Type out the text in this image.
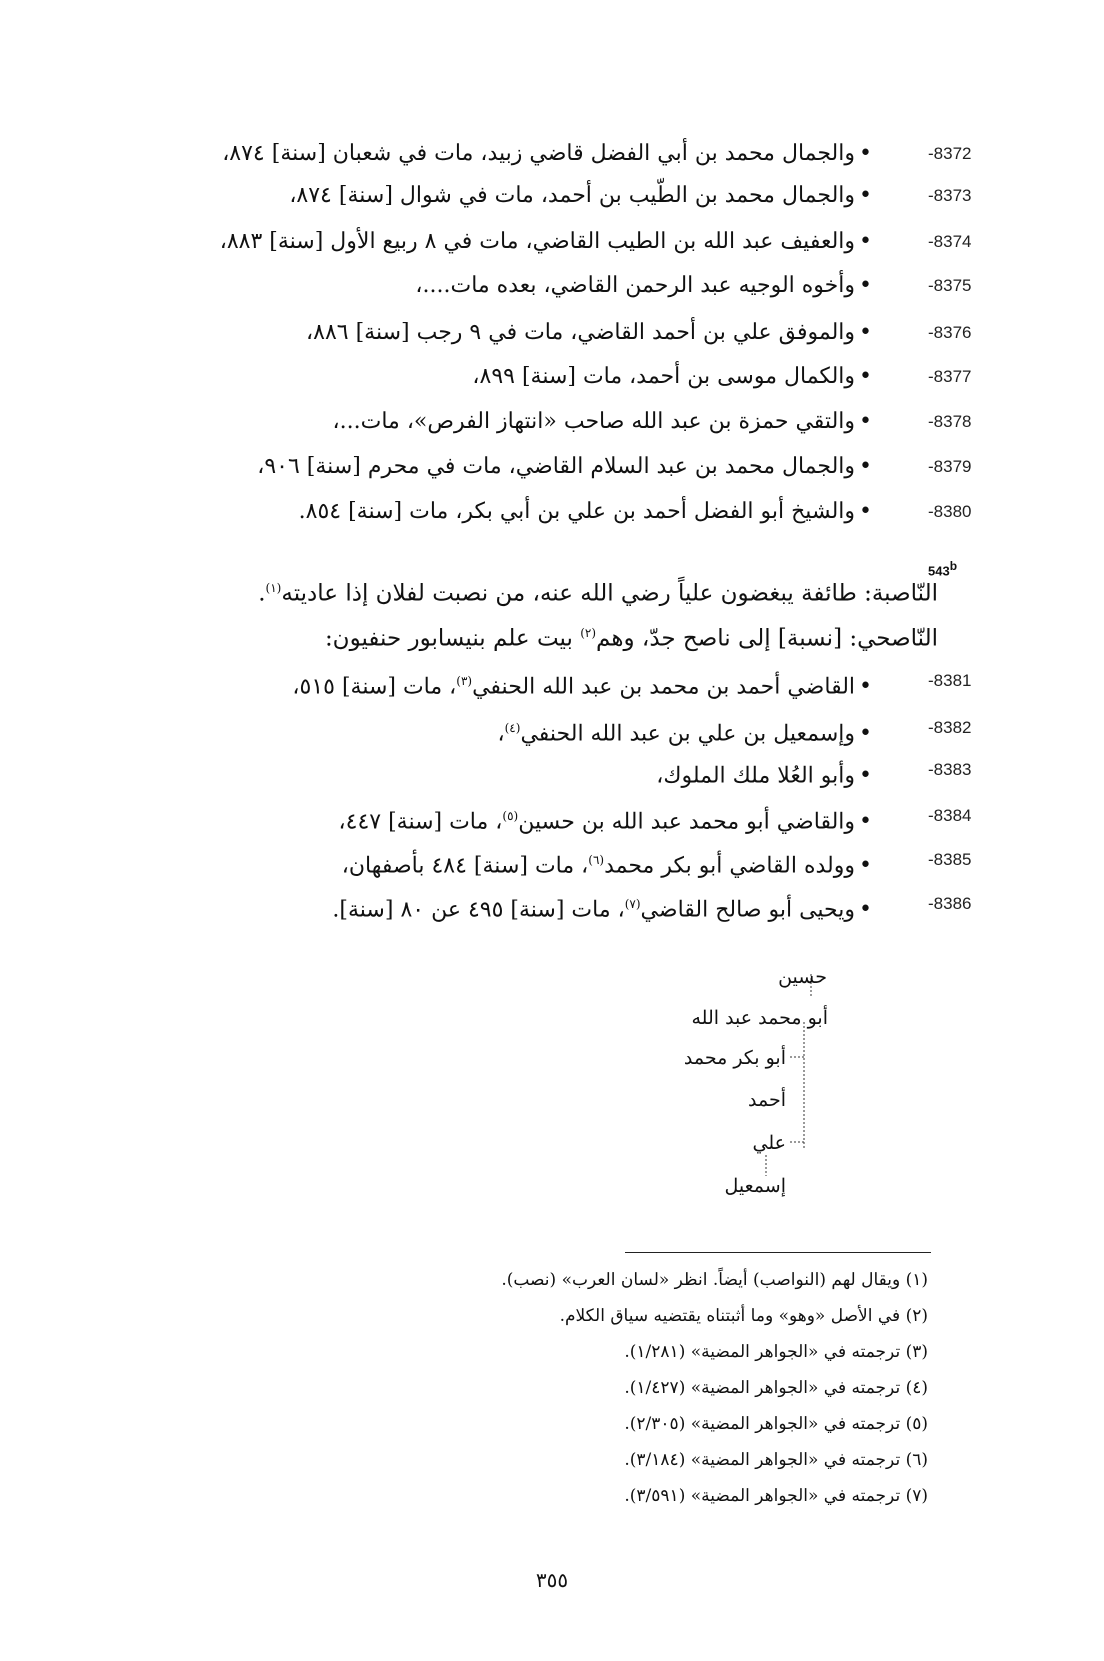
-8372
•والجمال محمد بن أبي الفضل قاضي زبيد، مات في شعبان [سنة] ٨٧٤،
-8373
•والجمال محمد بن الطّيب بن أحمد، مات في شوال [سنة] ٨٧٤،
-8374
•والعفيف عبد الله بن الطيب القاضي، مات في ٨ ربيع الأول [سنة] ٨٨٣،
-8375
•وأخوه الوجيه عبد الرحمن القاضي، بعده مات....،
-8376
•والموفق علي بن أحمد القاضي، مات في ٩ رجب [سنة] ٨٨٦،
-8377
•والكمال موسى بن أحمد، مات [سنة] ٨٩٩،
-8378
•والتقي حمزة بن عبد الله صاحب «انتهاز الفرص»، مات...،
-8379
•والجمال محمد بن عبد السلام القاضي، مات في محرم [سنة] ٩٠٦،
-8380
•والشيخ أبو الفضل أحمد بن علي بن أبي بكر، مات [سنة] ٨٥٤.
543$^b$
النّاصبة: طائفة يبغضون علياً رضي الله عنه، من نصبت لفلان إذا عاديته$^{(١)}$.
النّاصحي: [نسبة] إلى ناصح جدّ، وهم$^{(٢)}$ بيت علم بنيسابور حنفيون:
-8381
•القاضي أحمد بن محمد بن عبد الله الحنفي$^{(٣)}$، مات [سنة] ٥١٥،
-8382
•وإسمعيل بن علي بن عبد الله الحنفي$^{(٤)}$،
-8383
•وأبو العُلا ملك الملوك،
-8384
•والقاضي أبو محمد عبد الله بن حسين$^{(٥)}$، مات [سنة] ٤٤٧،
-8385
•وولده القاضي أبو بكر محمد$^{(٦)}$، مات [سنة] ٤٨٤ بأصفهان،
-8386
•ويحيى أبو صالح القاضي$^{(٧)}$، مات [سنة] ٤٩٥ عن ٨٠ [سنة].
حسين
أبو محمد عبد الله
أبو بكر محمد
أحمد
علي
إسمعيل
(١) ويقال لهم (النواصب) أيضاً. انظر «لسان العرب» (نصب).
(٢) في الأصل «وهو» وما أثبتناه يقتضيه سياق الكلام.
(٣) ترجمته في «الجواهر المضية» (١/٢٨١).
(٤) ترجمته في «الجواهر المضية» (١/٤٢٧).
(٥) ترجمته في «الجواهر المضية» (٢/٣٠٥).
(٦) ترجمته في «الجواهر المضية» (٣/١٨٤).
(٧) ترجمته في «الجواهر المضية» (٣/٥٩١).
٣٥٥
